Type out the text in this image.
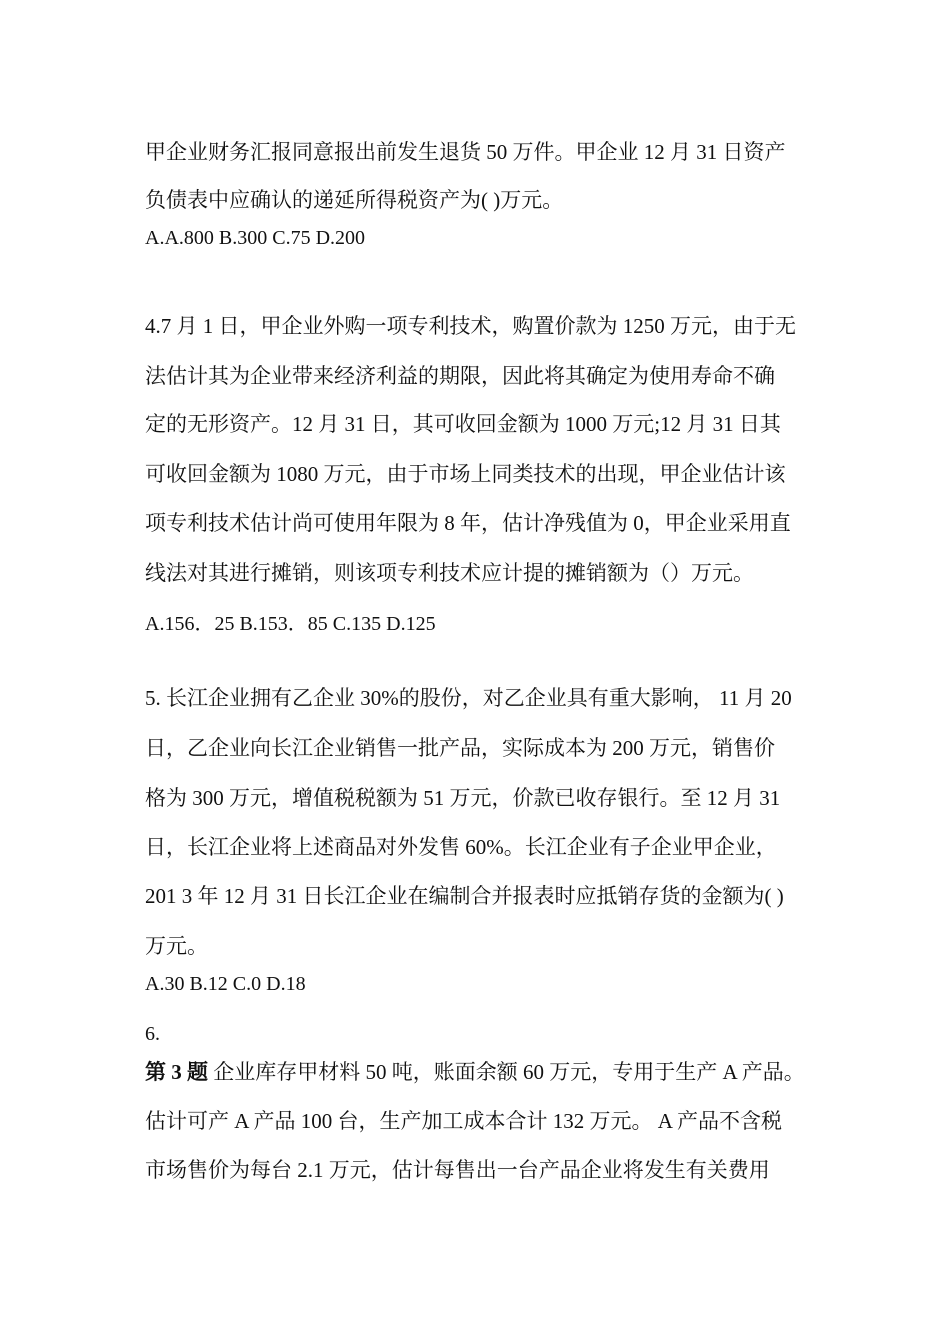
甲企业财务汇报同意报出前发生退货 50 万件。甲企业 12 月 31 日资产
负债表中应确认的递延所得税资产为( )万元。
A.A.800 B.300 C.75 D.200
4.7 月 1 日，甲企业外购一项专利技术，购置价款为 1250 万元，由于无
法估计其为企业带来经济利益的期限，因此将其确定为使用寿命不确
定的无形资产。12 月 31 日，其可收回金额为 1000 万元;12 月 31 日其
可收回金额为 1080 万元，由于市场上同类技术的出现，甲企业估计该
项专利技术估计尚可使用年限为 8 年，估计净残值为 0，甲企业采用直
线法对其进行摊销，则该项专利技术应计提的摊销额为（）万元。
A.156．25 B.153．85 C.135 D.125
5. 长江企业拥有乙企业 30%的股份，对乙企业具有重大影响， 11 月 20
日，乙企业向长江企业销售一批产品，实际成本为 200 万元，销售价
格为 300 万元，增值税税额为 51 万元，价款已收存银行。至 12 月 31
日，长江企业将上述商品对外发售 60%。长江企业有子企业甲企业，
201 3 年 12 月 31 日长江企业在编制合并报表时应抵销存货的金额为( )
万元。
A.30 B.12 C.0 D.18
6.
第 3 题 企业库存甲材料 50 吨，账面余额 60 万元，专用于生产 A 产品。
估计可产 A 产品 100 台，生产加工成本合计 132 万元。 A 产品不含税
市场售价为每台 2.1 万元，估计每售出一台产品企业将发生有关费用
